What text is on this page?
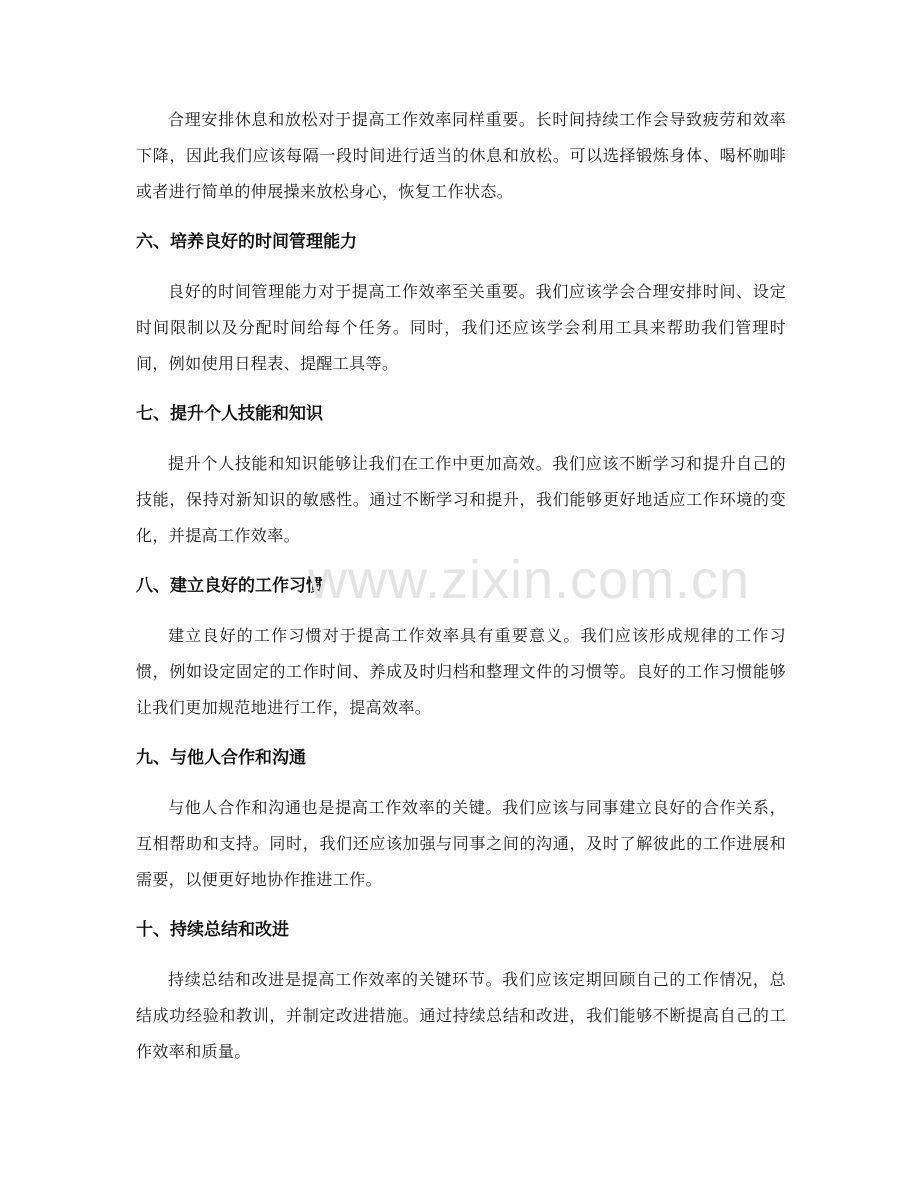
合理安排休息和放松对于提高工作效率同样重要。长时间持续工作会导致疲劳和效率下降，因此我们应该每隔一段时间进行适当的休息和放松。可以选择锻炼身体、喝杯咖啡或者进行简单的伸展操来放松身心，恢复工作状态。

六、培养良好的时间管理能力

良好的时间管理能力对于提高工作效率至关重要。我们应该学会合理安排时间、设定时间限制以及分配时间给每个任务。同时，我们还应该学会利用工具来帮助我们管理时间，例如使用日程表、提醒工具等。

七、提升个人技能和知识

提升个人技能和知识能够让我们在工作中更加高效。我们应该不断学习和提升自己的技能，保持对新知识的敏感性。通过不断学习和提升，我们能够更好地适应工作环境的变化，并提高工作效率。

八、建立良好的工作习惯

建立良好的工作习惯对于提高工作效率具有重要意义。我们应该形成规律的工作习惯，例如设定固定的工作时间、养成及时归档和整理文件的习惯等。良好的工作习惯能够让我们更加规范地进行工作，提高效率。

九、与他人合作和沟通

与他人合作和沟通也是提高工作效率的关键。我们应该与同事建立良好的合作关系，互相帮助和支持。同时，我们还应该加强与同事之间的沟通，及时了解彼此的工作进展和需要，以便更好地协作推进工作。

十、持续总结和改进

持续总结和改进是提高工作效率的关键环节。我们应该定期回顾自己的工作情况，总结成功经验和教训，并制定改进措施。通过持续总结和改进，我们能够不断提高自己的工作效率和质量。

www.zixin.com.cn
